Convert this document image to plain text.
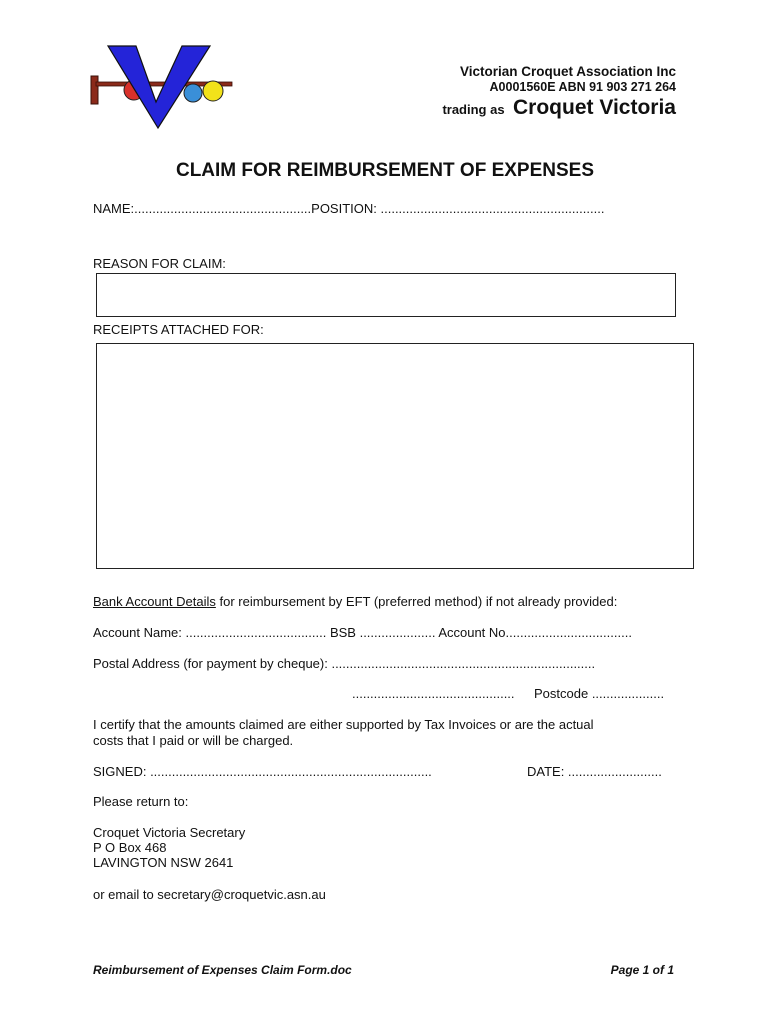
Victorian Croquet Association Inc
A0001560E ABN 91 903 271 264
trading as Croquet Victoria
CLAIM FOR REIMBURSEMENT OF EXPENSES
NAME:.................................................POSITION: ..............................................................
REASON FOR CLAIM:
RECEIPTS ATTACHED FOR:
Bank Account Details for reimbursement by EFT (preferred method) if not already provided:
Account Name: ....................................... BSB ..................... Account No...................................
Postal Address (for payment by cheque): .........................................................................
............................................. Postcode ....................
I certify that the amounts claimed are either supported by Tax Invoices or are the actual
costs that I paid or will be charged.
SIGNED: ..............................................................................	DATE: ..........................
Please return to:
Croquet Victoria Secretary
P O Box 468
LAVINGTON NSW 2641
or email to secretary@croquetvic.asn.au
Reimbursement of Expenses Claim Form.doc	Page 1 of 1
